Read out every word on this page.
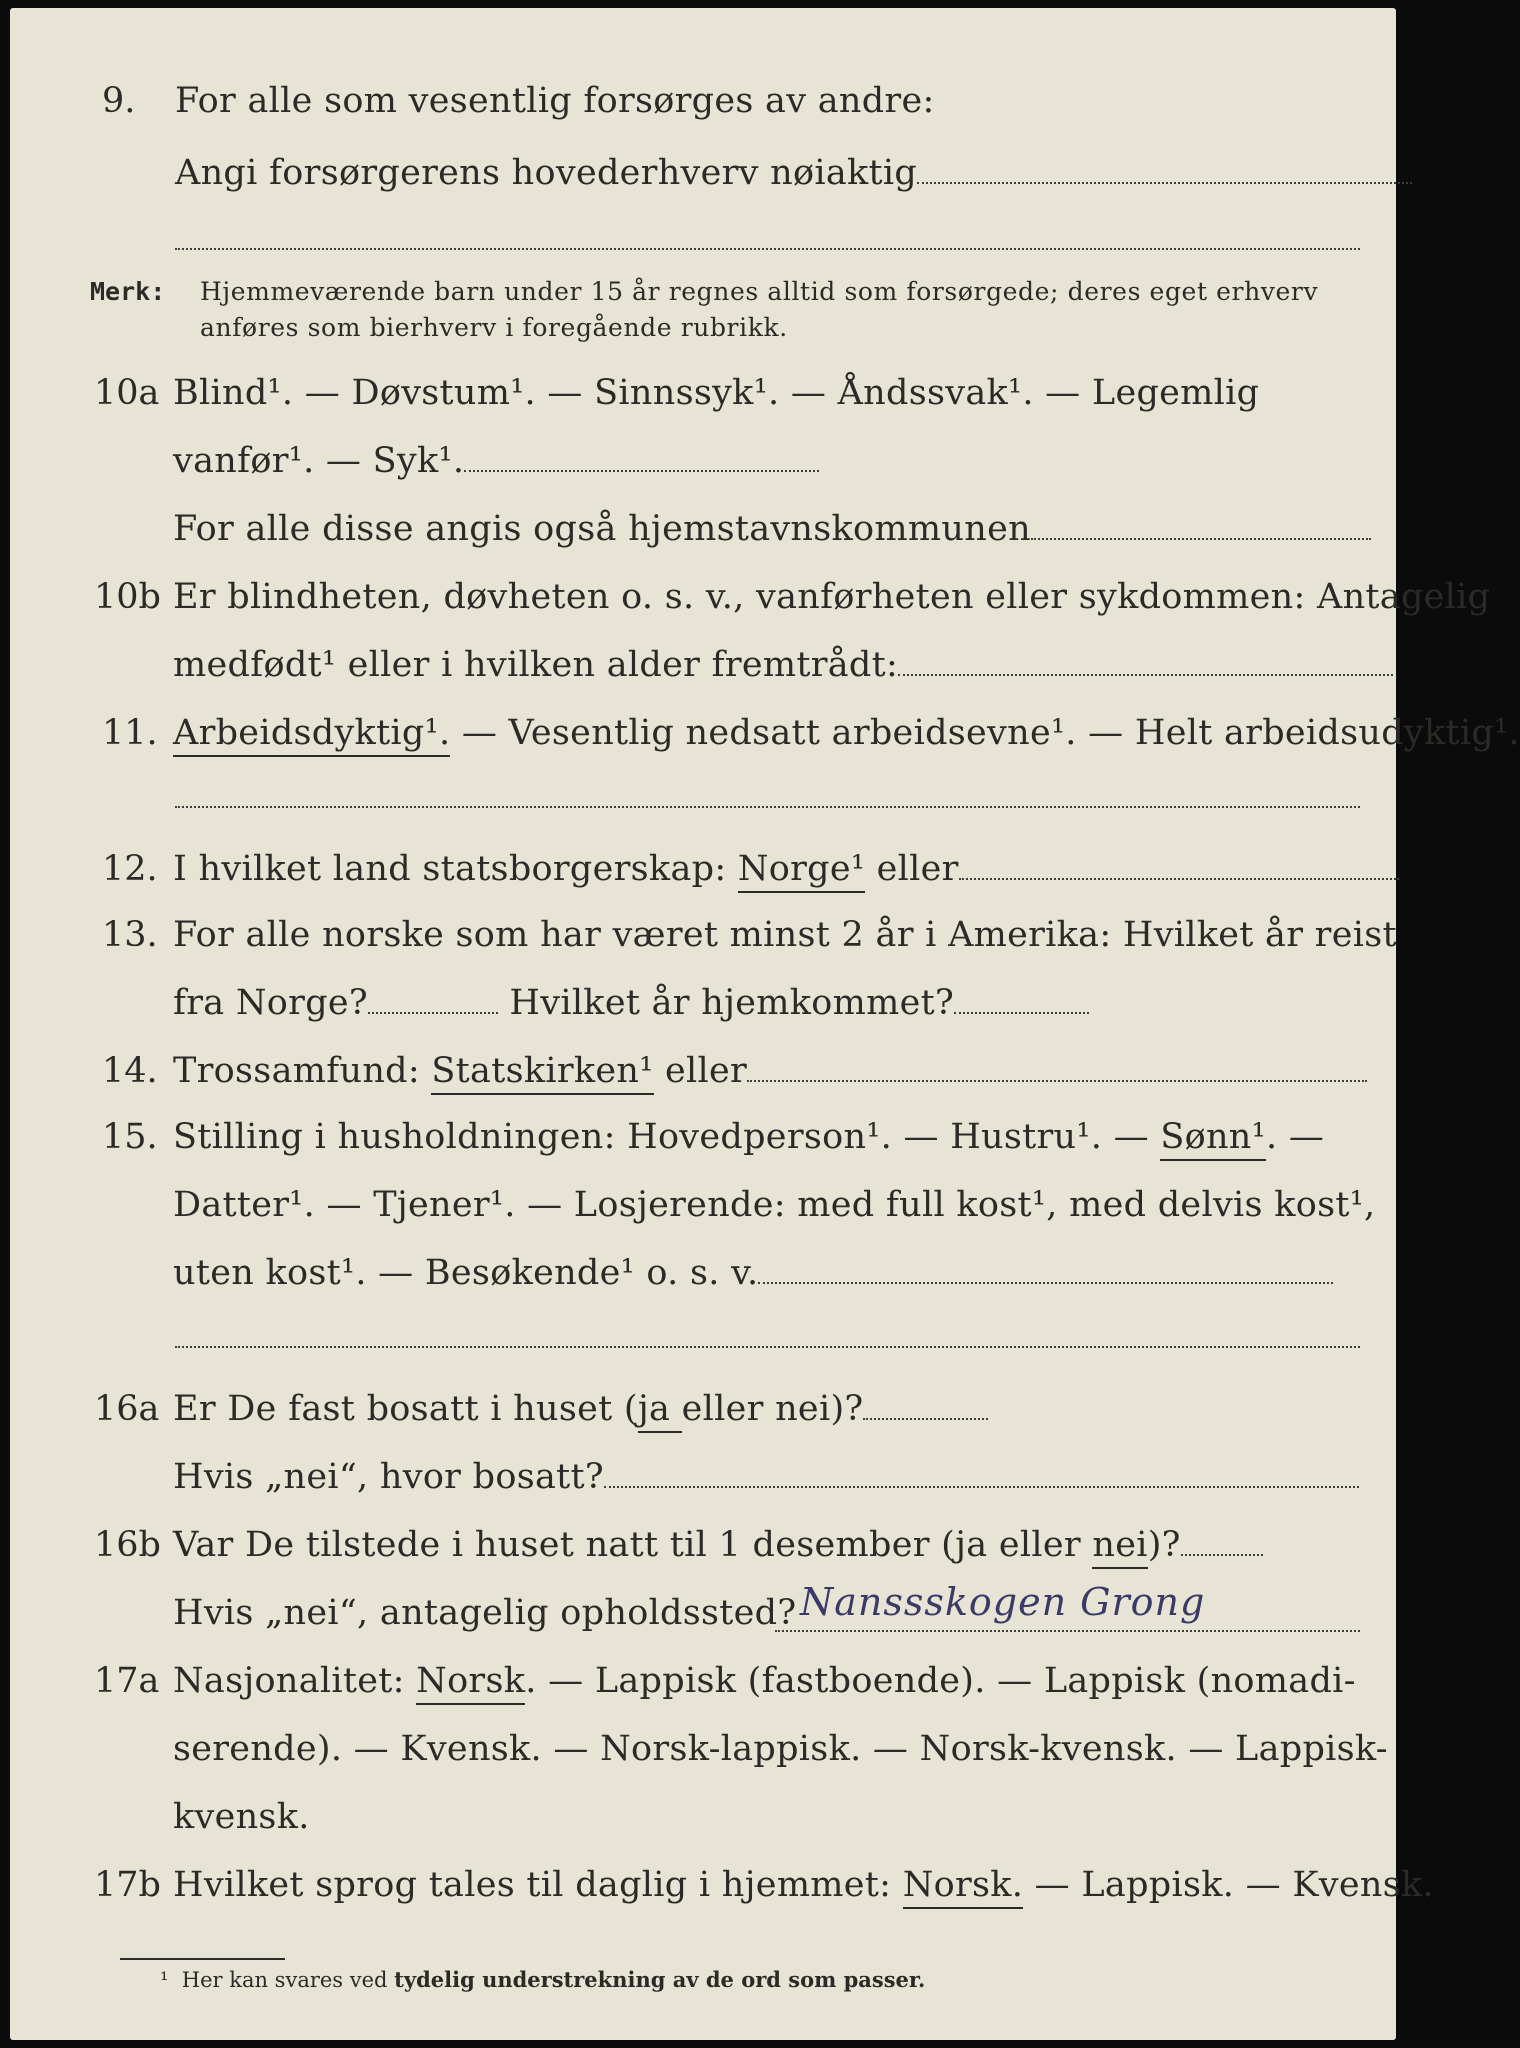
9. For alle som vesentlig forsørges av andre:
Angi forsørgerens hovederhverv nøiaktig
Merk: Hjemmeværende barn under 15 år regnes alltid som forsørgede; deres eget erhverv
anføres som bierhverv i foregående rubrikk.
10a Blind¹. — Døvstum¹. — Sinnssyk¹. — Åndssvak¹. — Legemlig
vanfør¹. — Syk¹.
For alle disse angis også hjemstavnskommunen
10b Er blindheten, døvheten o. s. v., vanførheten eller sykdommen: Antagelig
medfødt¹ eller i hvilken alder fremtrådt:
11. Arbeidsdyktig¹. — Vesentlig nedsatt arbeidsevne¹. — Helt arbeidsudyktig¹.
12. I hvilket land statsborgerskap: Norge¹ eller
13. For alle norske som har været minst 2 år i Amerika: Hvilket år reist
fra Norge?	Hvilket år hjemkommet?
14. Trossamfund: Statskirken¹ eller
15. Stilling i husholdningen: Hovedperson¹. — Hustru¹. — Sønn¹. —
Datter¹. — Tjener¹. — Losjerende: med full kost¹, med delvis kost¹,
uten kost¹. — Besøkende¹ o. s. v.
16a Er De fast bosatt i huset (ja eller nei)?
Hvis „nei“, hvor bosatt?
16b Var De tilstede i huset natt til 1 desember (ja eller nei)?
Hvis „nei“, antagelig opholdssted? Nanssskogen Grong
17a Nasjonalitet: Norsk. — Lappisk (fastboende). — Lappisk (nomadi-
serende). — Kvensk. — Norsk-lappisk. — Norsk-kvensk. — Lappisk-
kvensk.
17b Hvilket sprog tales til daglig i hjemmet: Norsk. — Lappisk. — Kvensk.
¹ Her kan svares ved tydelig understrekning av de ord som passer.
